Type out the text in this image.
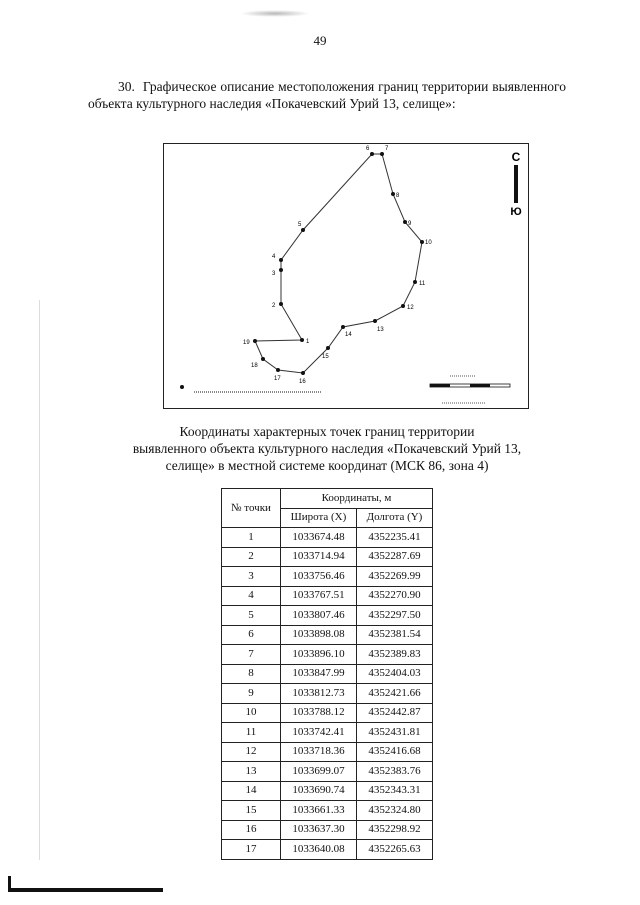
49
30. Графическое описание местоположения границ территории выявленного объекта культурного наследия «Покачевский Урий 13, селище»:
1
2
3
4
5
6	7
8
9
10
11
12
13
14
15
16
17
18
19
С
Ю
Координаты характерных точек границ территории
выявленного объекта культурного наследия «Покачевский Урий 13,
селище» в местной системе координат (МСК 86, зона 4)
№ точки	Координаты, м	
	Широта (X)	Долгота (Y)
1	1033674.48	4352235.41
2	1033714.94	4352287.69
3	1033756.46	4352269.99
4	1033767.51	4352270.90
5	1033807.46	4352297.50
6	1033898.08	4352381.54
7	1033896.10	4352389.83
8	1033847.99	4352404.03
9	1033812.73	4352421.66
10	1033788.12	4352442.87
11	1033742.41	4352431.81
12	1033718.36	4352416.68
13	1033699.07	4352383.76
14	1033690.74	4352343.31
15	1033661.33	4352324.80
16	1033637.30	4352298.92
17	1033640.08	4352265.63
